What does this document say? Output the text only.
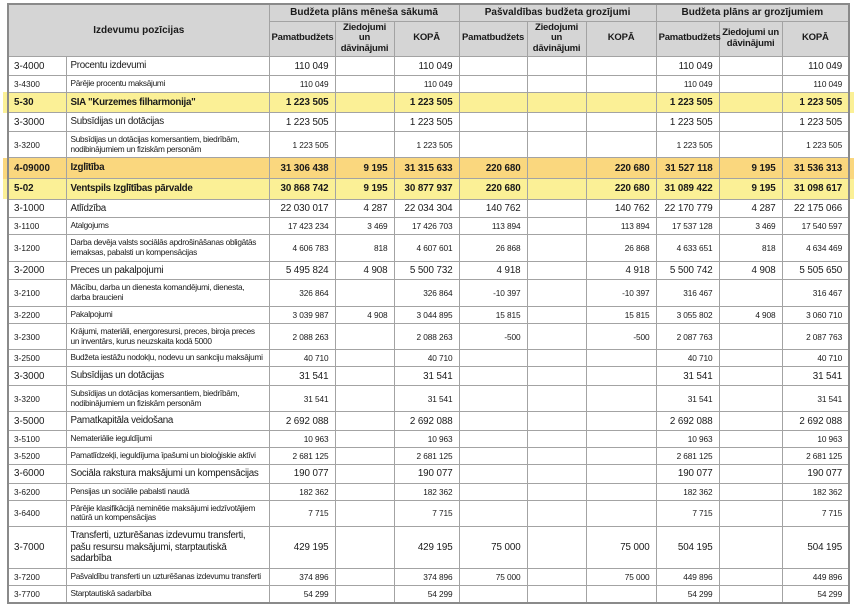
Izdevumu pozīcijas		Budžeta plāns mēneša sākumā			Pašvaldības budžeta grozījumi			Budžeta plāns ar grozījumiem		
		Pamatbudžets	Ziedojumi un dāvinājumi	KOPĀ	Pamatbudžets	Ziedojumi un dāvinājumi	KOPĀ	Pamatbudžets	Ziedojumi un dāvinājumi	KOPĀ
3-4000	Procentu izdevumi	110 049		110 049				110 049		110 049
3-4300	Pārējie procentu maksājumi	110 049		110 049				110 049		110 049
5-30	SIA "Kurzemes filharmonija"	1 223 505		1 223 505				1 223 505		1 223 505
3-3000	Subsīdijas un dotācijas	1 223 505		1 223 505				1 223 505		1 223 505
3-3200	Subsīdijas un dotācijas komersantiem, biedrībām, nodibinājumiem un fiziskām personām	1 223 505		1 223 505				1 223 505		1 223 505
4-09000	Izglītība	31 306 438	9 195	31 315 633	220 680		220 680	31 527 118	9 195	31 536 313
5-02	Ventspils Izglītības pārvalde	30 868 742	9 195	30 877 937	220 680		220 680	31 089 422	9 195	31 098 617
3-1000	Atlīdzība	22 030 017	4 287	22 034 304	140 762		140 762	22 170 779	4 287	22 175 066
3-1100	Atalgojums	17 423 234	3 469	17 426 703	113 894		113 894	17 537 128	3 469	17 540 597
3-1200	Darba devēja valsts sociālās apdrošināšanas obligātās iemaksas, pabalsti un kompensācijas	4 606 783	818	4 607 601	26 868		26 868	4 633 651	818	4 634 469
3-2000	Preces un pakalpojumi	5 495 824	4 908	5 500 732	4 918		4 918	5 500 742	4 908	5 505 650
3-2100	Mācību, darba un dienesta komandējumi, dienesta, darba braucieni	326 864		326 864	-10 397		-10 397	316 467		316 467
3-2200	Pakalpojumi	3 039 987	4 908	3 044 895	15 815		15 815	3 055 802	4 908	3 060 710
3-2300	Krājumi, materiāli, energoresursi, preces, biroja preces un inventārs, kurus neuzskaita kodā 5000	2 088 263		2 088 263	-500		-500	2 087 763		2 087 763
3-2500	Budžeta iestāžu nodokļu, nodevu un sankciju maksājumi	40 710		40 710				40 710		40 710
3-3000	Subsīdijas un dotācijas	31 541		31 541				31 541		31 541
3-3200	Subsīdijas un dotācijas komersantiem, biedrībām, nodibinājumiem un fiziskām personām	31 541		31 541				31 541		31 541
3-5000	Pamatkapitāla veidošana	2 692 088		2 692 088				2 692 088		2 692 088
3-5100	Nemateriālie ieguldījumi	10 963		10 963				10 963		10 963
3-5200	Pamatlīdzekļi, ieguldījuma īpašumi un bioloģiskie aktīvi	2 681 125		2 681 125				2 681 125		2 681 125
3-6000	Sociāla rakstura maksājumi un kompensācijas	190 077		190 077				190 077		190 077
3-6200	Pensijas un sociālie pabalsti naudā	182 362		182 362				182 362		182 362
3-6400	Pārējie klasifikācijā neminētie maksājumi iedzīvotājiem natūrā un kompensācijas	7 715		7 715				7 715		7 715
3-7000	Transferti, uzturēšanas izdevumu transferti, pašu resursu maksājumi, starptautiskā sadarbība	429 195		429 195	75 000		75 000	504 195		504 195
3-7200	Pašvaldību transferti un uzturēšanas izdevumu transferti	374 896		374 896	75 000		75 000	449 896		449 896
3-7700	Starptautiskā sadarbība	54 299		54 299				54 299		54 299
